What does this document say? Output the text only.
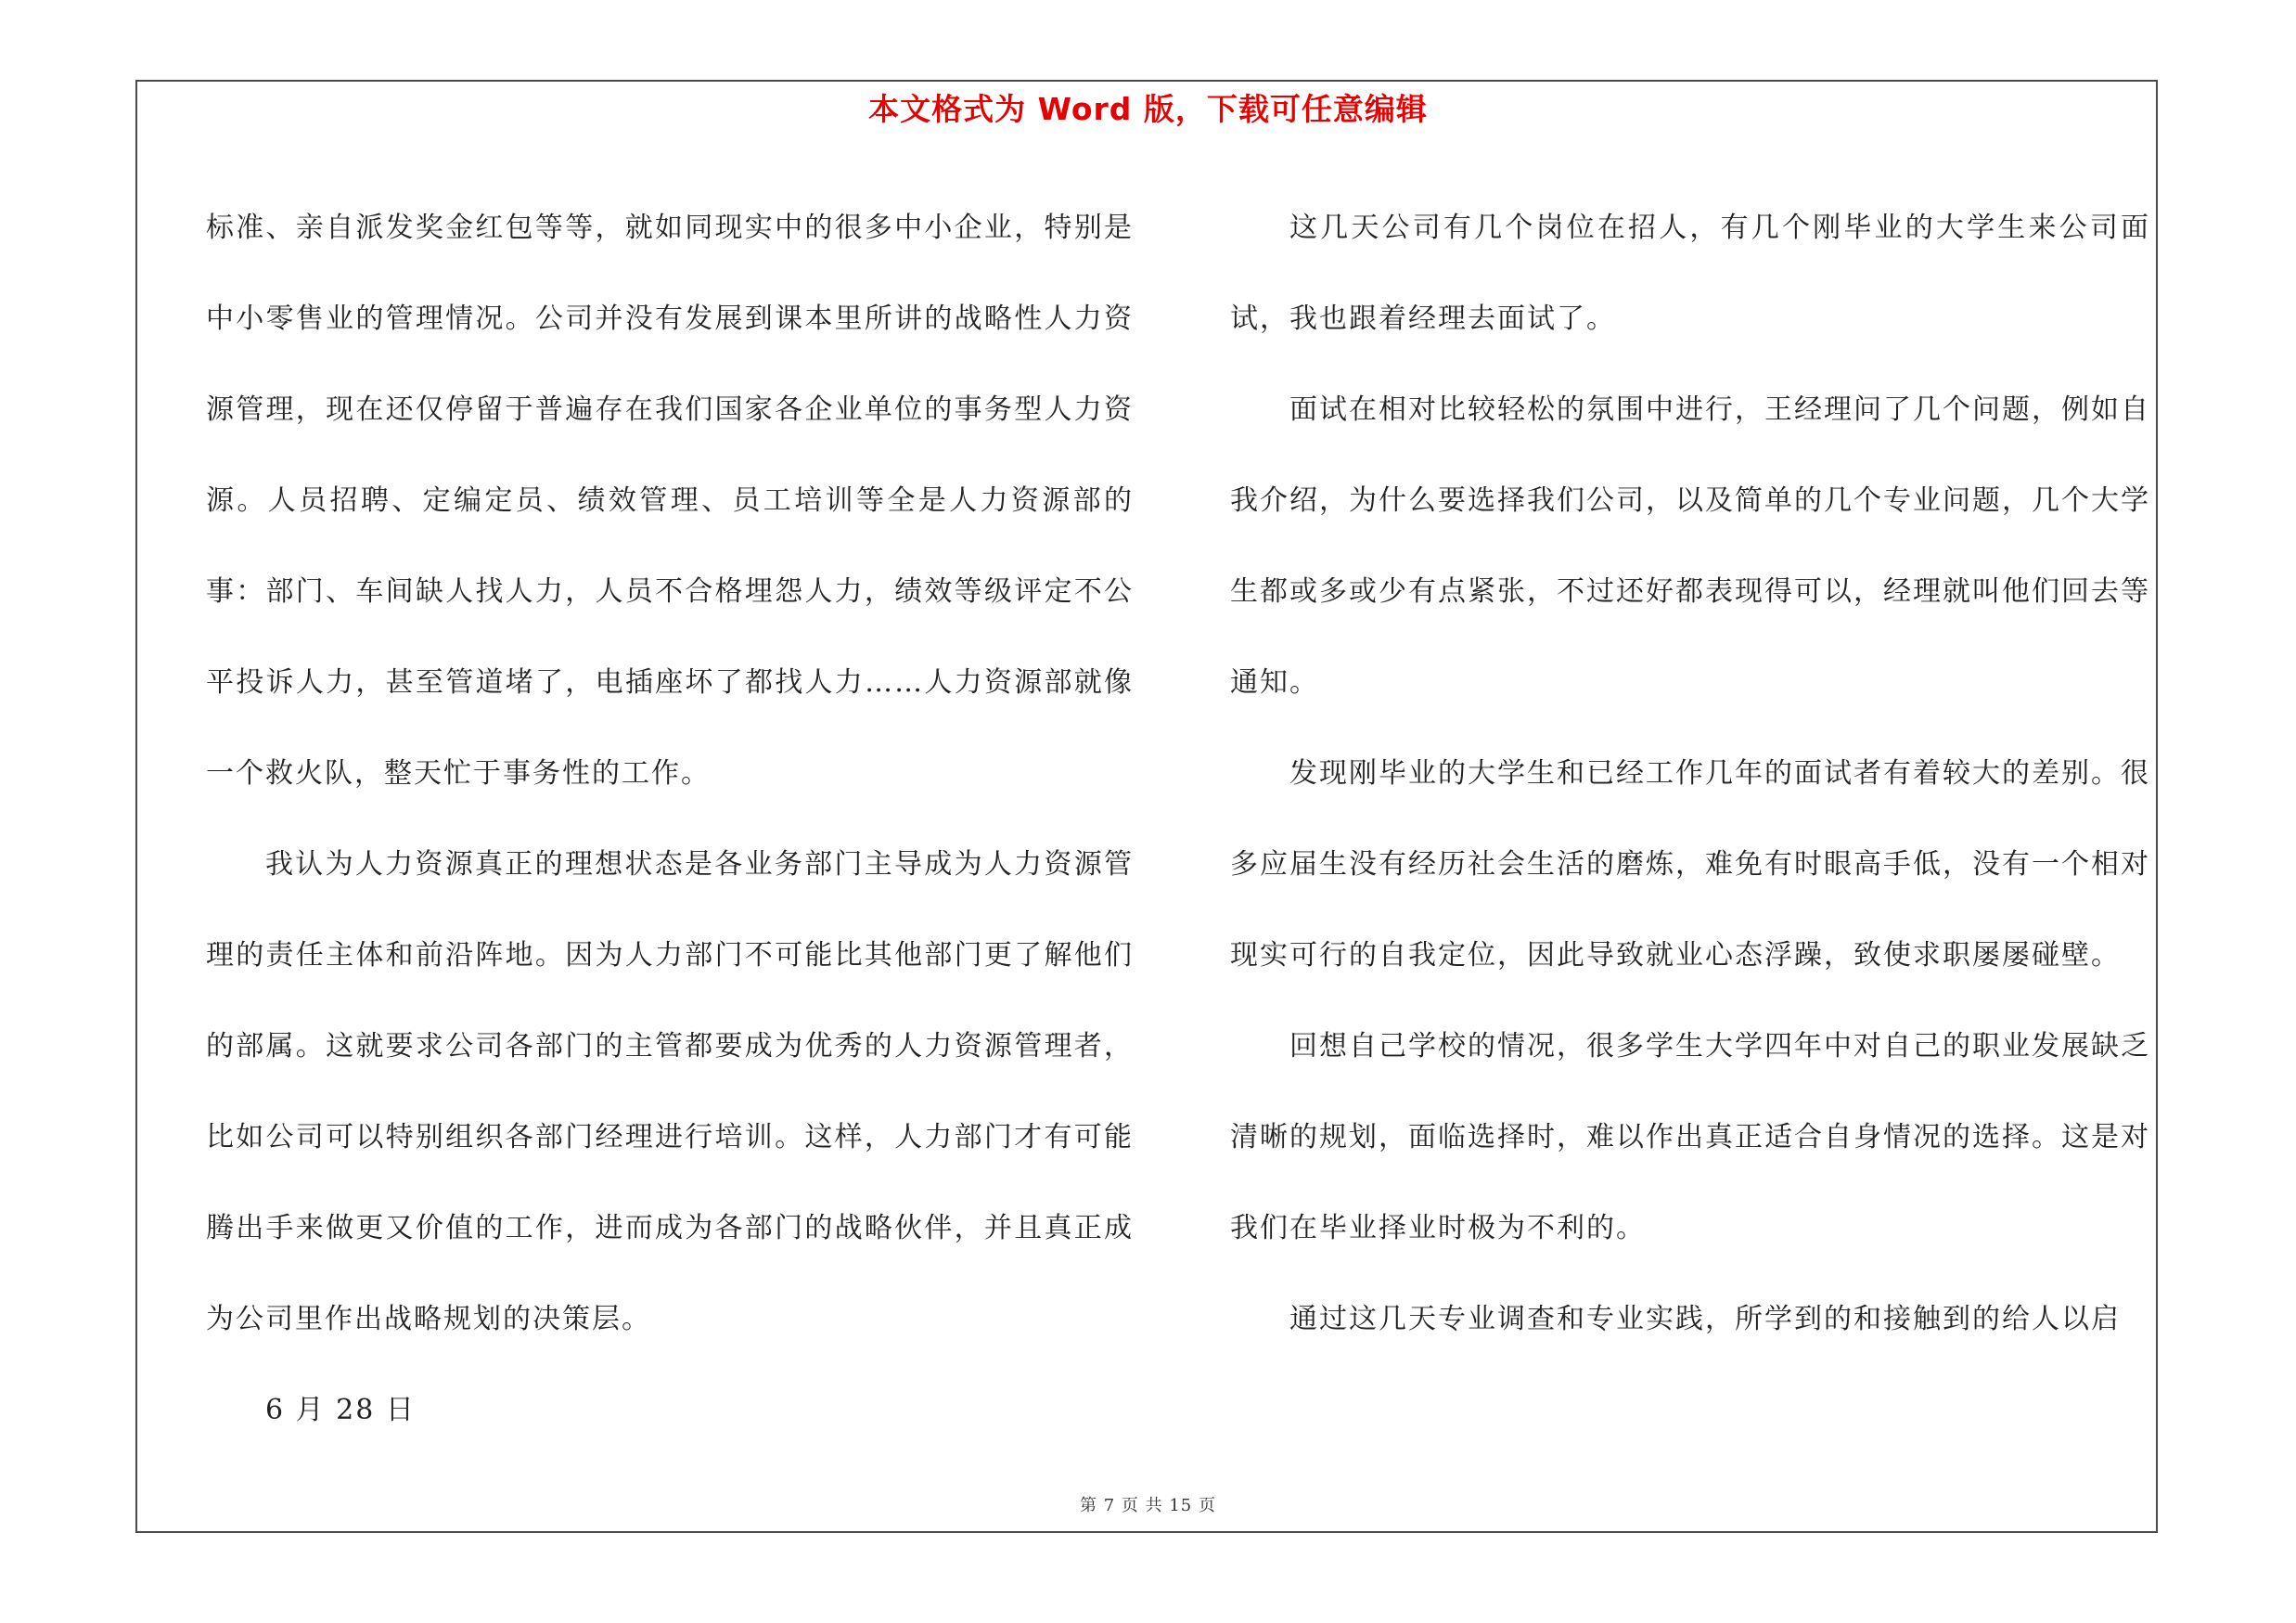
本文格式为 Word 版，下载可任意编辑

标准、亲自派发奖金红包等等，就如同现实中的很多中小企业，特别是中小零售业的管理情况。公司并没有发展到课本里所讲的战略性人力资源管理，现在还仅停留于普遍存在我们国家各企业单位的事务型人力资源。人员招聘、定编定员、绩效管理、员工培训等全是人力资源部的事：部门、车间缺人找人力，人员不合格埋怨人力，绩效等级评定不公平投诉人力，甚至管道堵了，电插座坏了都找人力……人力资源部就像一个救火队，整天忙于事务性的工作。

我认为人力资源真正的理想状态是各业务部门主导成为人力资源管理的责任主体和前沿阵地。因为人力部门不可能比其他部门更了解他们的部属。这就要求公司各部门的主管都要成为优秀的人力资源管理者，比如公司可以特别组织各部门经理进行培训。这样，人力部门才有可能腾出手来做更又价值的工作，进而成为各部门的战略伙伴，并且真正成为公司里作出战略规划的决策层。

6 月 28 日

这几天公司有几个岗位在招人，有几个刚毕业的大学生来公司面试，我也跟着经理去面试了。

面试在相对比较轻松的氛围中进行，王经理问了几个问题，例如自我介绍，为什么要选择我们公司，以及简单的几个专业问题，几个大学生都或多或少有点紧张，不过还好都表现得可以，经理就叫他们回去等通知。

发现刚毕业的大学生和已经工作几年的面试者有着较大的差别。很多应届生没有经历社会生活的磨炼，难免有时眼高手低，没有一个相对现实可行的自我定位，因此导致就业心态浮躁，致使求职屡屡碰壁。

回想自己学校的情况，很多学生大学四年中对自己的职业发展缺乏清晰的规划，面临选择时，难以作出真正适合自身情况的选择。这是对我们在毕业择业时极为不利的。

通过这几天专业调查和专业实践，所学到的和接触到的给人以启

第 7 页 共 15 页
